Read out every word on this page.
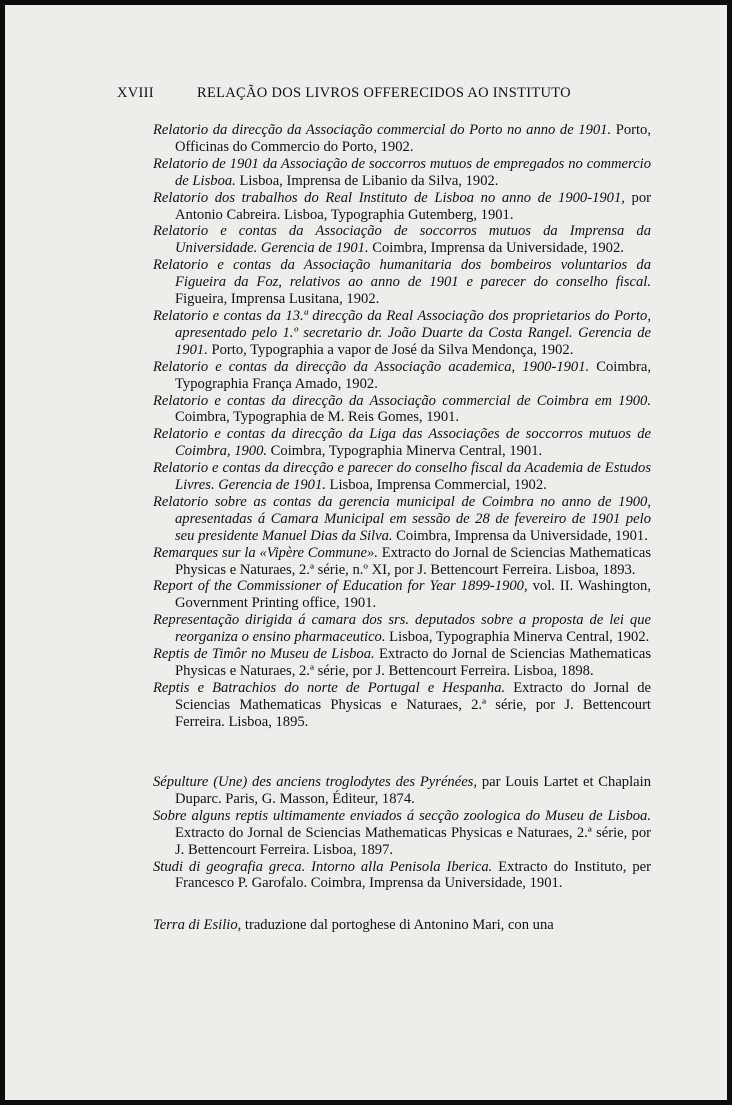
XVIII	RELAÇÃO DOS LIVROS OFFERECIDOS AO INSTITUTO
Relatorio da direcção da Associação commercial do Porto no anno de 1901. Porto, Officinas do Commercio do Porto, 1902.
Relatorio de 1901 da Associação de soccorros mutuos de empregados no commercio de Lisboa. Lisboa, Imprensa de Libanio da Silva, 1902.
Relatorio dos trabalhos do Real Instituto de Lisboa no anno de 1900-1901, por Antonio Cabreira. Lisboa, Typographia Gutemberg, 1901.
Relatorio e contas da Associação de soccorros mutuos da Imprensa da Universidade. Gerencia de 1901. Coimbra, Imprensa da Universidade, 1902.
Relatorio e contas da Associação humanitaria dos bombeiros voluntarios da Figueira da Foz, relativos ao anno de 1901 e parecer do conselho fiscal. Figueira, Imprensa Lusitana, 1902.
Relatorio e contas da 13.ª direcção da Real Associação dos proprietarios do Porto, apresentado pelo 1.º secretario dr. João Duarte da Costa Rangel. Gerencia de 1901. Porto, Typographia a vapor de José da Silva Mendonça, 1902.
Relatorio e contas da direcção da Associação academica, 1900-1901. Coimbra, Typographia França Amado, 1902.
Relatorio e contas da direcção da Associação commercial de Coimbra em 1900. Coimbra, Typographia de M. Reis Gomes, 1901.
Relatorio e contas da direcção da Liga das Associações de soccorros mutuos de Coimbra, 1900. Coimbra, Typographia Minerva Central, 1901.
Relatorio e contas da direcção e parecer do conselho fiscal da Academia de Estudos Livres. Gerencia de 1901. Lisboa, Imprensa Commercial, 1902.
Relatorio sobre as contas da gerencia municipal de Coimbra no anno de 1900, apresentadas á Camara Municipal em sessão de 28 de fevereiro de 1901 pelo seu presidente Manuel Dias da Silva. Coimbra, Imprensa da Universidade, 1901.
Remarques sur la «Vipère Commune». Extracto do Jornal de Sciencias Mathematicas Physicas e Naturaes, 2.ª série, n.º XI, por J. Bettencourt Ferreira. Lisboa, 1893.
Report of the Commissioner of Education for Year 1899-1900, vol. II. Washington, Government Printing office, 1901.
Representação dirigida á camara dos srs. deputados sobre a proposta de lei que reorganiza o ensino pharmaceutico. Lisboa, Typographia Minerva Central, 1902.
Reptis de Timôr no Museu de Lisboa. Extracto do Jornal de Sciencias Mathematicas Physicas e Naturaes, 2.ª série, por J. Bettencourt Ferreira. Lisboa, 1898.
Reptis e Batrachios do norte de Portugal e Hespanha. Extracto do Jornal de Sciencias Mathematicas Physicas e Naturaes, 2.ª série, por J. Bettencourt Ferreira. Lisboa, 1895.
Sépulture (Une) des anciens troglodytes des Pyrénées, par Louis Lartet et Chaplain Duparc. Paris, G. Masson, Éditeur, 1874.
Sobre alguns reptis ultimamente enviados á secção zoologica do Museu de Lisboa. Extracto do Jornal de Sciencias Mathematicas Physicas e Naturaes, 2.ª série, por J. Bettencourt Ferreira. Lisboa, 1897.
Studi di geografia greca. Intorno alla Penisola Iberica. Extracto do Instituto, per Francesco P. Garofalo. Coimbra, Imprensa da Universidade, 1901.
Terra di Esilio, traduzione dal portoghese di Antonino Mari, con una
